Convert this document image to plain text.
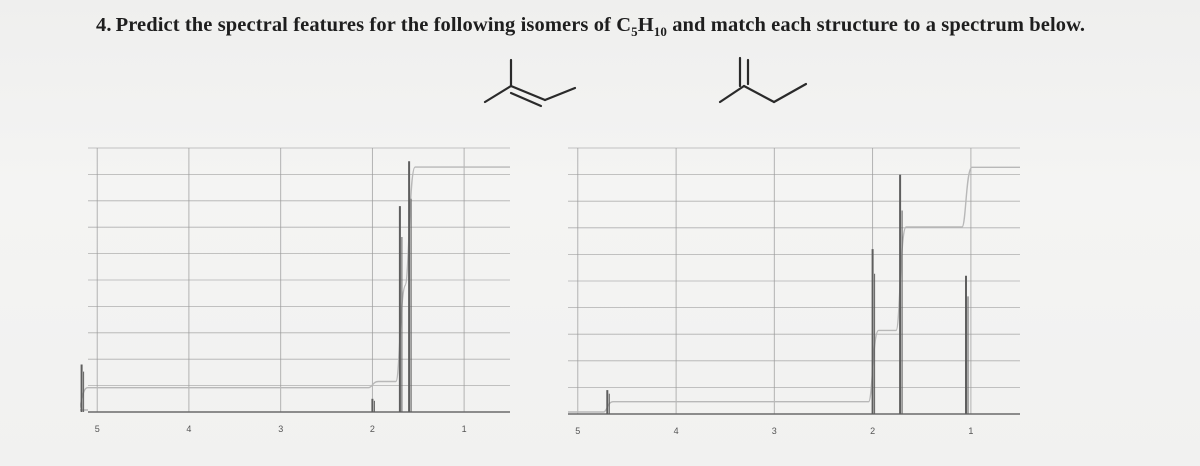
4. Predict the spectral features for the following isomers of $C_5H_{10}$ and match each structure to a spectrum below.
5	4	3	2	1	5	4	3	2	1
